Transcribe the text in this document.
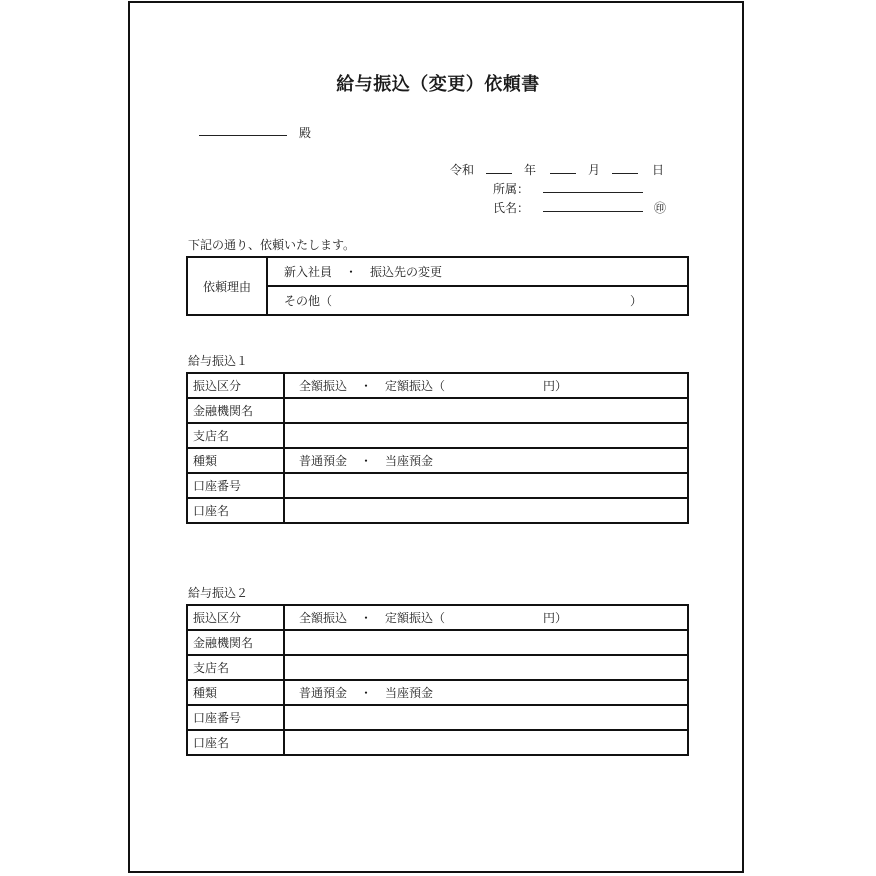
給与振込（変更）依頼書
殿
令和	年	月	日
所属：
氏名：	㊞
下記の通り、依頼いたします。
依頼理由	新入社員 ・ 振込先の変更
その他（	）
給与振込１
振込区分	全額振込 ・ 定額振込（ 円）
金融機関名	
支店名	
種類	普通預金 ・ 当座預金
口座番号	
口座名	
給与振込２
振込区分	全額振込 ・ 定額振込（ 円）
金融機関名	
支店名	
種類	普通預金 ・ 当座預金
口座番号	
口座名	
